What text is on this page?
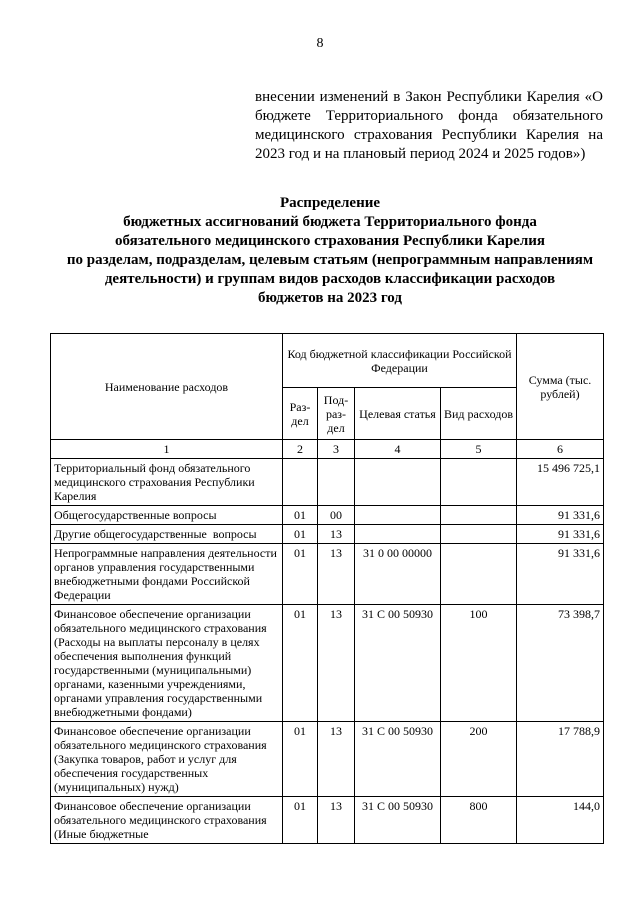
8
внесении изменений в Закон Республики Карелия «О бюджете Территориального фонда обязательного медицинского страхования Республики Карелия на 2023 год и на плановый период 2024 и 2025 годов»)
Распределение
бюджетных ассигнований бюджета Территориального фонда
обязательного медицинского страхования Республики Карелия
по разделам, подразделам, целевым статьям (непрограммным направлениям
деятельности) и группам видов расходов классификации расходов
бюджетов на 2023 год
Наименование расходов	Код бюджетной классификации Российской Федерации				Сумма (тыс. рублей)
	Раз-дел	Под-раз-дел	Целевая статья	Вид расходов	
1	2	3	4	5	6
Территориальный фонд обязательного медицинского страхования Республики Карелия					15 496 725,1
Общегосударственные вопросы	01	00			91 331,6
Другие общегосударственные  вопросы	01	13			91 331,6
Непрограммные направления деятельности органов управления государственными внебюджетными фондами Российской Федерации	01	13	31 0 00 00000		91 331,6
Финансовое обеспечение организации обязательного медицинского страхования (Расходы на выплаты персоналу в целях обеспечения выполнения функций государственными (муниципальными) органами, казенными учреждениями, органами управления государственными внебюджетными фондами)	01	13	31 С 00 50930	100	73 398,7
Финансовое обеспечение организации обязательного медицинского страхования (Закупка товаров, работ и услуг для обеспечения государственных (муниципальных) нужд)	01	13	31 С 00 50930	200	17 788,9
Финансовое обеспечение организации обязательного медицинского страхования (Иные бюджетные	01	13	31 С 00 50930	800	144,0
